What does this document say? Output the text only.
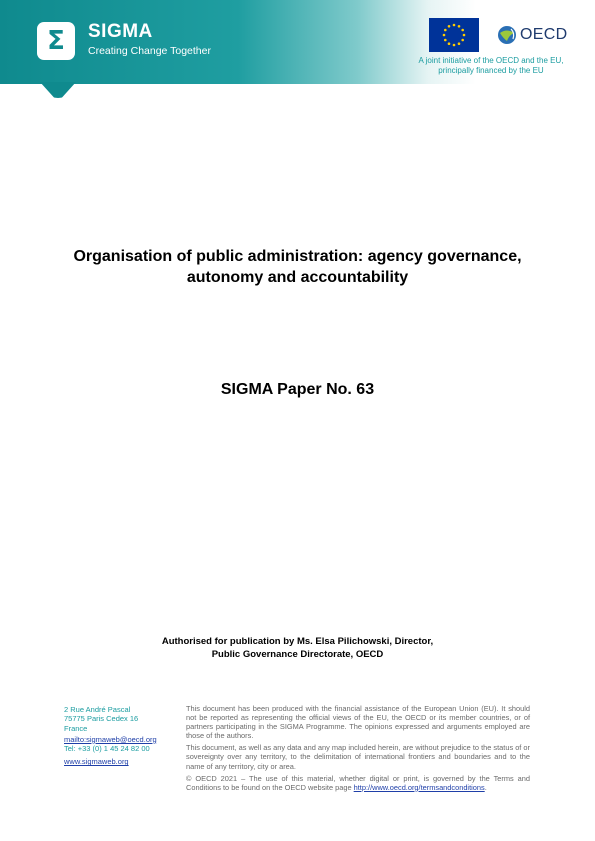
Σ SIGMA
Creating Change Together
OECD
A joint initiative of the OECD and the EU,
principally financed by the EU
Organisation of public administration: agency governance,
autonomy and accountability
SIGMA Paper No. 63
Authorised for publication by Ms. Elsa Pilichowski, Director,
Public Governance Directorate, OECD
2 Rue André Pascal
75775 Paris Cedex 16
France
mailto:sigmaweb@oecd.org
Tel: +33 (0) 1 45 24 82 00
www.sigmaweb.org

This document has been produced with the financial assistance of the European Union (EU). It should not be reported as representing the official views of the EU, the OECD or its member countries, or of partners participating in the SIGMA Programme. The opinions expressed and arguments employed are those of the authors.

This document, as well as any data and any map included herein, are without prejudice to the status of or sovereignty over any territory, to the delimitation of international frontiers and boundaries and to the name of any territory, city or area.

© OECD 2021 – The use of this material, whether digital or print, is governed by the Terms and Conditions to be found on the OECD website page http://www.oecd.org/termsandconditions.
